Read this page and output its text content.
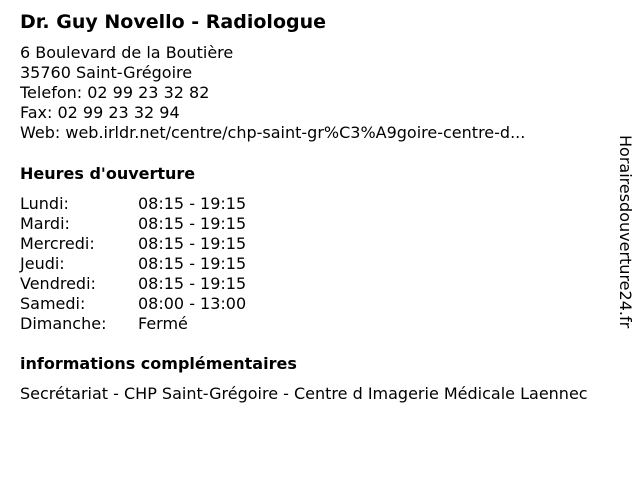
Dr. Guy Novello - Radiologue
6 Boulevard de la Boutière
35760 Saint-Grégoire
Telefon: 02 99 23 32 82
Fax: 02 99 23 32 94
Web: web.irldr.net/centre/chp-saint-gr%C3%A9goire-centre-d...
Heures d'ouverture
Lundi:	08:15 - 19:15
Mardi:	08:15 - 19:15
Mercredi:	08:15 - 19:15
Jeudi:	08:15 - 19:15
Vendredi:	08:15 - 19:15
Samedi:	08:00 - 13:00
Dimanche:	Fermé
informations complémentaires
Secrétariat - CHP Saint-Grégoire - Centre d Imagerie Médicale Laennec
Horairesdouverture24.fr
